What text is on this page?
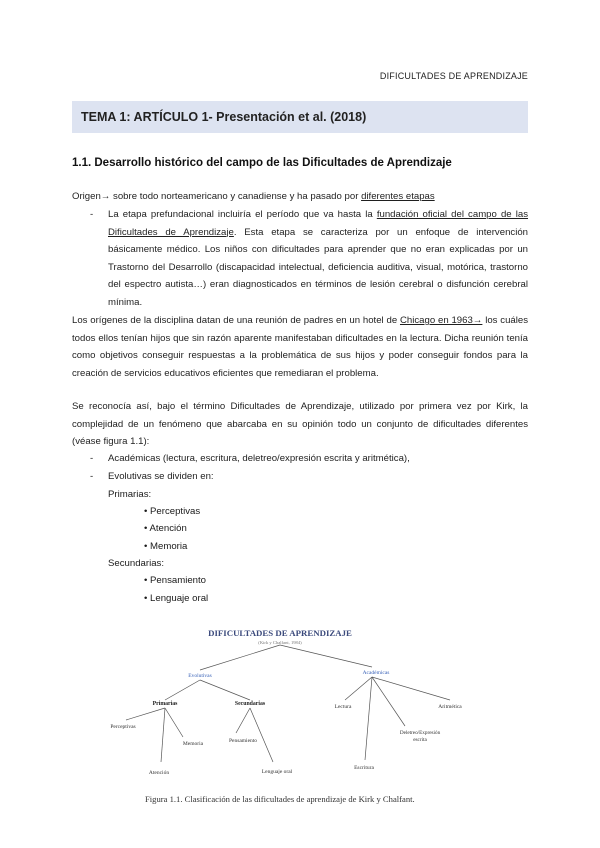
DIFICULTADES DE APRENDIZAJE
TEMA 1: ARTÍCULO 1- Presentación et al. (2018)
1.1. Desarrollo histórico del campo de las Dificultades de Aprendizaje
Origen→ sobre todo norteamericano y canadiense y ha pasado por diferentes etapas
- La etapa prefundacional incluiría el período que va hasta la fundación oficial del campo de las Dificultades de Aprendizaje. Esta etapa se caracteriza por un enfoque de intervención básicamente médico. Los niños con dificultades para aprender que no eran explicadas por un Trastorno del Desarrollo (discapacidad intelectual, deficiencia auditiva, visual, motórica, trastorno del espectro autista…) eran diagnosticados en términos de lesión cerebral o disfunción cerebral mínima.
Los orígenes de la disciplina datan de una reunión de padres en un hotel de Chicago en 1963→ los cuáles todos ellos tenían hijos que sin razón aparente manifestaban dificultades en la lectura. Dicha reunión tenía como objetivos conseguir respuestas a la problemática de sus hijos y poder conseguir fondos para la creación de servicios educativos eficientes que remediaran el problema.
Se reconocía así, bajo el término Dificultades de Aprendizaje, utilizado por primera vez por Kirk, la complejidad de un fenómeno que abarcaba en su opinión todo un conjunto de dificultades diferentes (véase figura 1.1):
- Académicas (lectura, escritura, deletreo/expresión escrita y aritmética),
- Evolutivas se dividen en:
Primarias:
• Perceptivas
• Atención
• Memoria
Secundarias:
• Pensamiento
• Lenguaje oral
DIFICULTADES DE APRENDIZAJE
(Kirk y Chalfant, 1984)
Evolutivas	Académicas
Primarias	Secundarias
Perceptivas
Memoria
Atención
Pensamiento
Lenguaje oral
Lectura
Deletreo/Expresión
escrita
Aritmética
Escritura
Figura 1.1. Clasificación de las dificultades de aprendizaje de Kirk y Chalfant.
